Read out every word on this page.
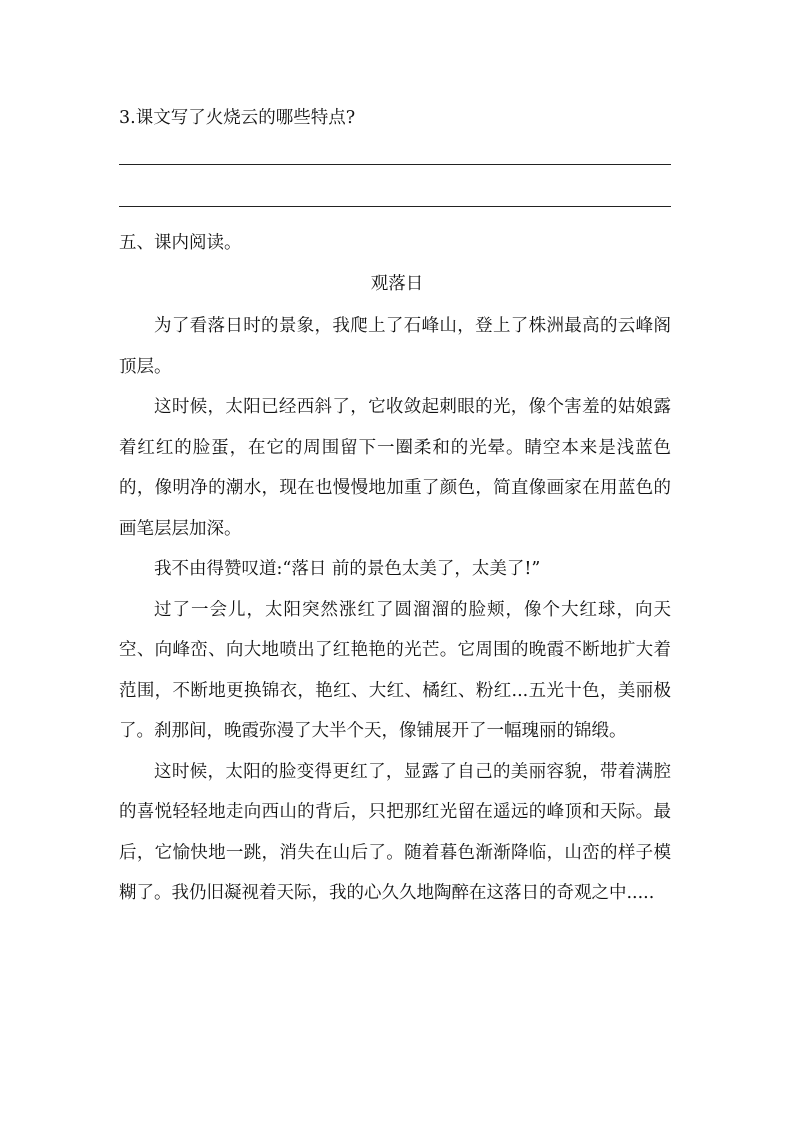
3.课文写了火烧云的哪些特点?
五、课内阅读。
观落日

为了看落日时的景象，我爬上了石峰山，登上了株洲最高的云峰阁顶层。

这时候，太阳已经西斜了，它收敛起刺眼的光，像个害羞的姑娘露着红红的脸蛋，在它的周围留下一圈柔和的光晕。睛空本来是浅蓝色的，像明净的潮水，现在也慢慢地加重了颜色，简直像画家在用蓝色的画笔层层加深。

我不由得赞叹道:“落日 前的景色太美了，太美了!”

过了一会儿，太阳突然涨红了圆溜溜的脸颊，像个大红球，向天空、向峰峦、向大地喷出了红艳艳的光芒。它周围的晚霞不断地扩大着范围，不断地更换锦衣，艳红、大红、橘红、粉红...五光十色，美丽极了。刹那间，晚霞弥漫了大半个天，像铺展开了一幅瑰丽的锦缎。

这时候，太阳的脸变得更红了，显露了自己的美丽容貌，带着满腔的喜悦轻轻地走向西山的背后，只把那红光留在遥远的峰顶和天际。最后，它愉快地一跳，消失在山后了。随着暮色渐渐降临，山峦的样子模糊了。我仍旧凝视着天际，我的心久久地陶醉在这落日的奇观之中.....
